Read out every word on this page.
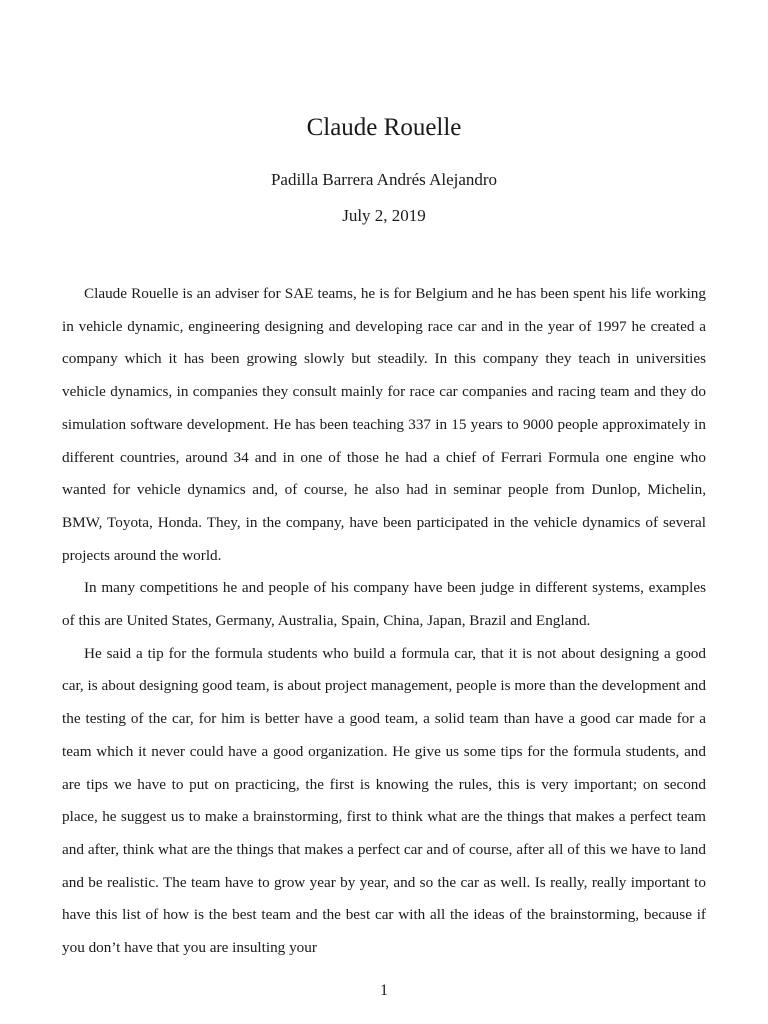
Claude Rouelle
Padilla Barrera Andrés Alejandro
July 2, 2019

Claude Rouelle is an adviser for SAE teams, he is for Belgium and he has been spent his life working in vehicle dynamic, engineering designing and developing race car and in the year of 1997 he created a company which it has been growing slowly but steadily. In this company they teach in universities vehicle dynamics, in companies they consult mainly for race car companies and racing team and they do simulation software development. He has been teaching 337 in 15 years to 9000 people approximately in different countries, around 34 and in one of those he had a chief of Ferrari Formula one engine who wanted for vehicle dynamics and, of course, he also had in seminar people from Dunlop, Michelin, BMW, Toyota, Honda. They, in the company, have been participated in the vehicle dynamics of several projects around the world.

In many competitions he and people of his company have been judge in different systems, examples of this are United States, Germany, Australia, Spain, China, Japan, Brazil and England.

He said a tip for the formula students who build a formula car, that it is not about designing a good car, is about designing good team, is about project management, people is more than the development and the testing of the car, for him is better have a good team, a solid team than have a good car made for a team which it never could have a good organization. He give us some tips for the formula students, and are tips we have to put on practicing, the first is knowing the rules, this is very important; on second place, he suggest us to make a brainstorming, first to think what are the things that makes a perfect team and after, think what are the things that makes a perfect car and of course, after all of this we have to land and be realistic. The team have to grow year by year, and so the car as well. Is really, really important to have this list of how is the best team and the best car with all the ideas of the brainstorming, because if you don’t have that you are insulting your

1
